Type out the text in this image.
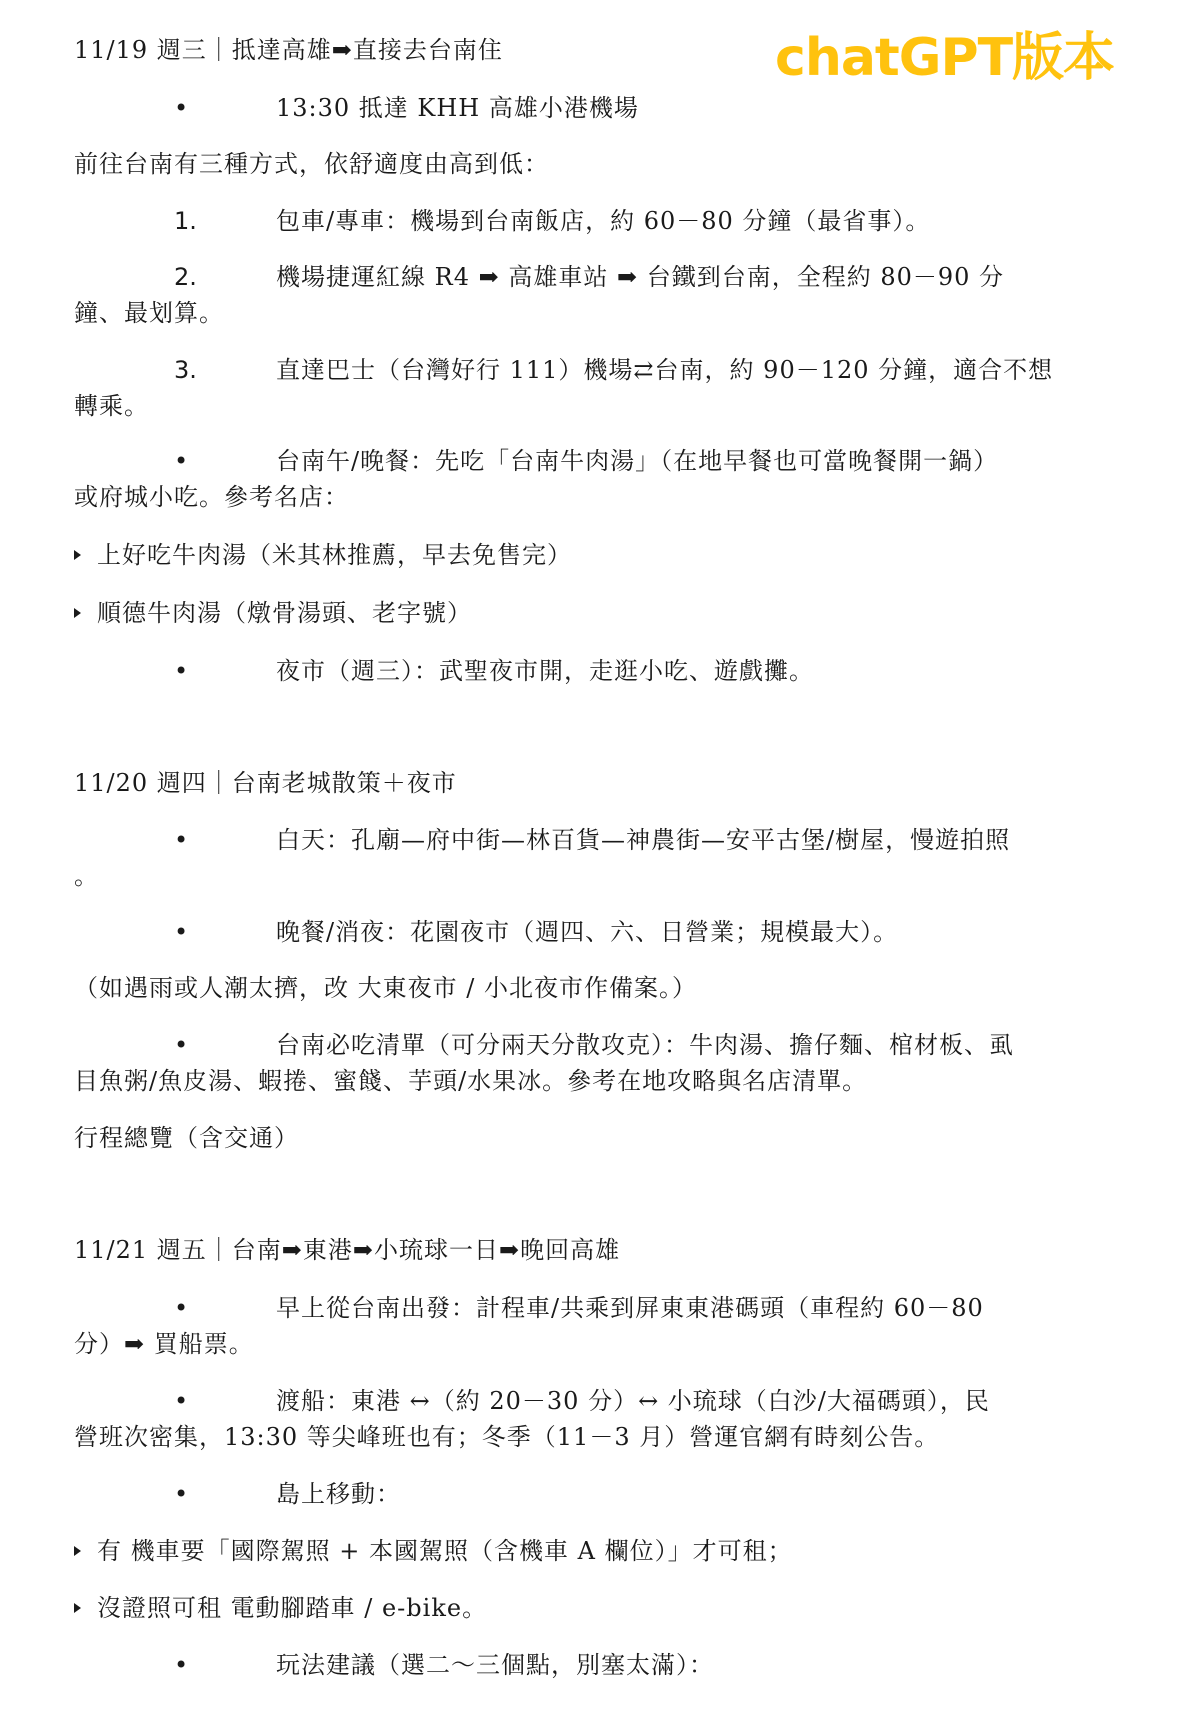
chatGPT版本
11/19 週三｜抵達高雄➡直接去台南住
•	13:30 抵達 KHH 高雄小港機場
前往台南有三種方式，依舒適度由高到低：
1.	包車/專車：機場到台南飯店，約 60－80 分鐘（最省事）。
2.	機場捷運紅線 R4 ➡ 高雄車站 ➡ 台鐵到台南，全程約 80－90 分
鐘、最划算。
3.	直達巴士（台灣好行 111）機場⇄台南，約 90－120 分鐘，適合不想
轉乘。
•	台南午/晚餐：先吃「台南牛肉湯」（在地早餐也可當晚餐開一鍋）
或府城小吃。參考名店：
上好吃牛肉湯（米其林推薦，早去免售完）
順德牛肉湯（燉骨湯頭、老字號）
•	夜市（週三）：武聖夜市開，走逛小吃、遊戲攤。
11/20 週四｜台南老城散策＋夜市
•	白天：孔廟—府中街—林百貨—神農街—安平古堡/樹屋，慢遊拍照
。
•	晚餐/消夜：花園夜市（週四、六、日營業；規模最大）。
（如遇雨或人潮太擠，改 大東夜市 / 小北夜市作備案。）
•	台南必吃清單（可分兩天分散攻克）：牛肉湯、擔仔麵、棺材板、虱
目魚粥/魚皮湯、蝦捲、蜜餞、芋頭/水果冰。參考在地攻略與名店清單。
行程總覽（含交通）
11/21 週五｜台南➡東港➡小琉球一日➡晚回高雄
•	早上從台南出發：計程車/共乘到屏東東港碼頭（車程約 60－80
分）➡ 買船票。
•	渡船：東港 ↔（約 20－30 分）↔ 小琉球（白沙/大福碼頭），民
營班次密集，13:30 等尖峰班也有；冬季（11－3 月）營運官網有時刻公告。
•	島上移動：
有 機車要「國際駕照 + 本國駕照（含機車 A 欄位）」才可租；
沒證照可租 電動腳踏車 / e-bike。
•	玩法建議（選二～三個點，別塞太滿）：
